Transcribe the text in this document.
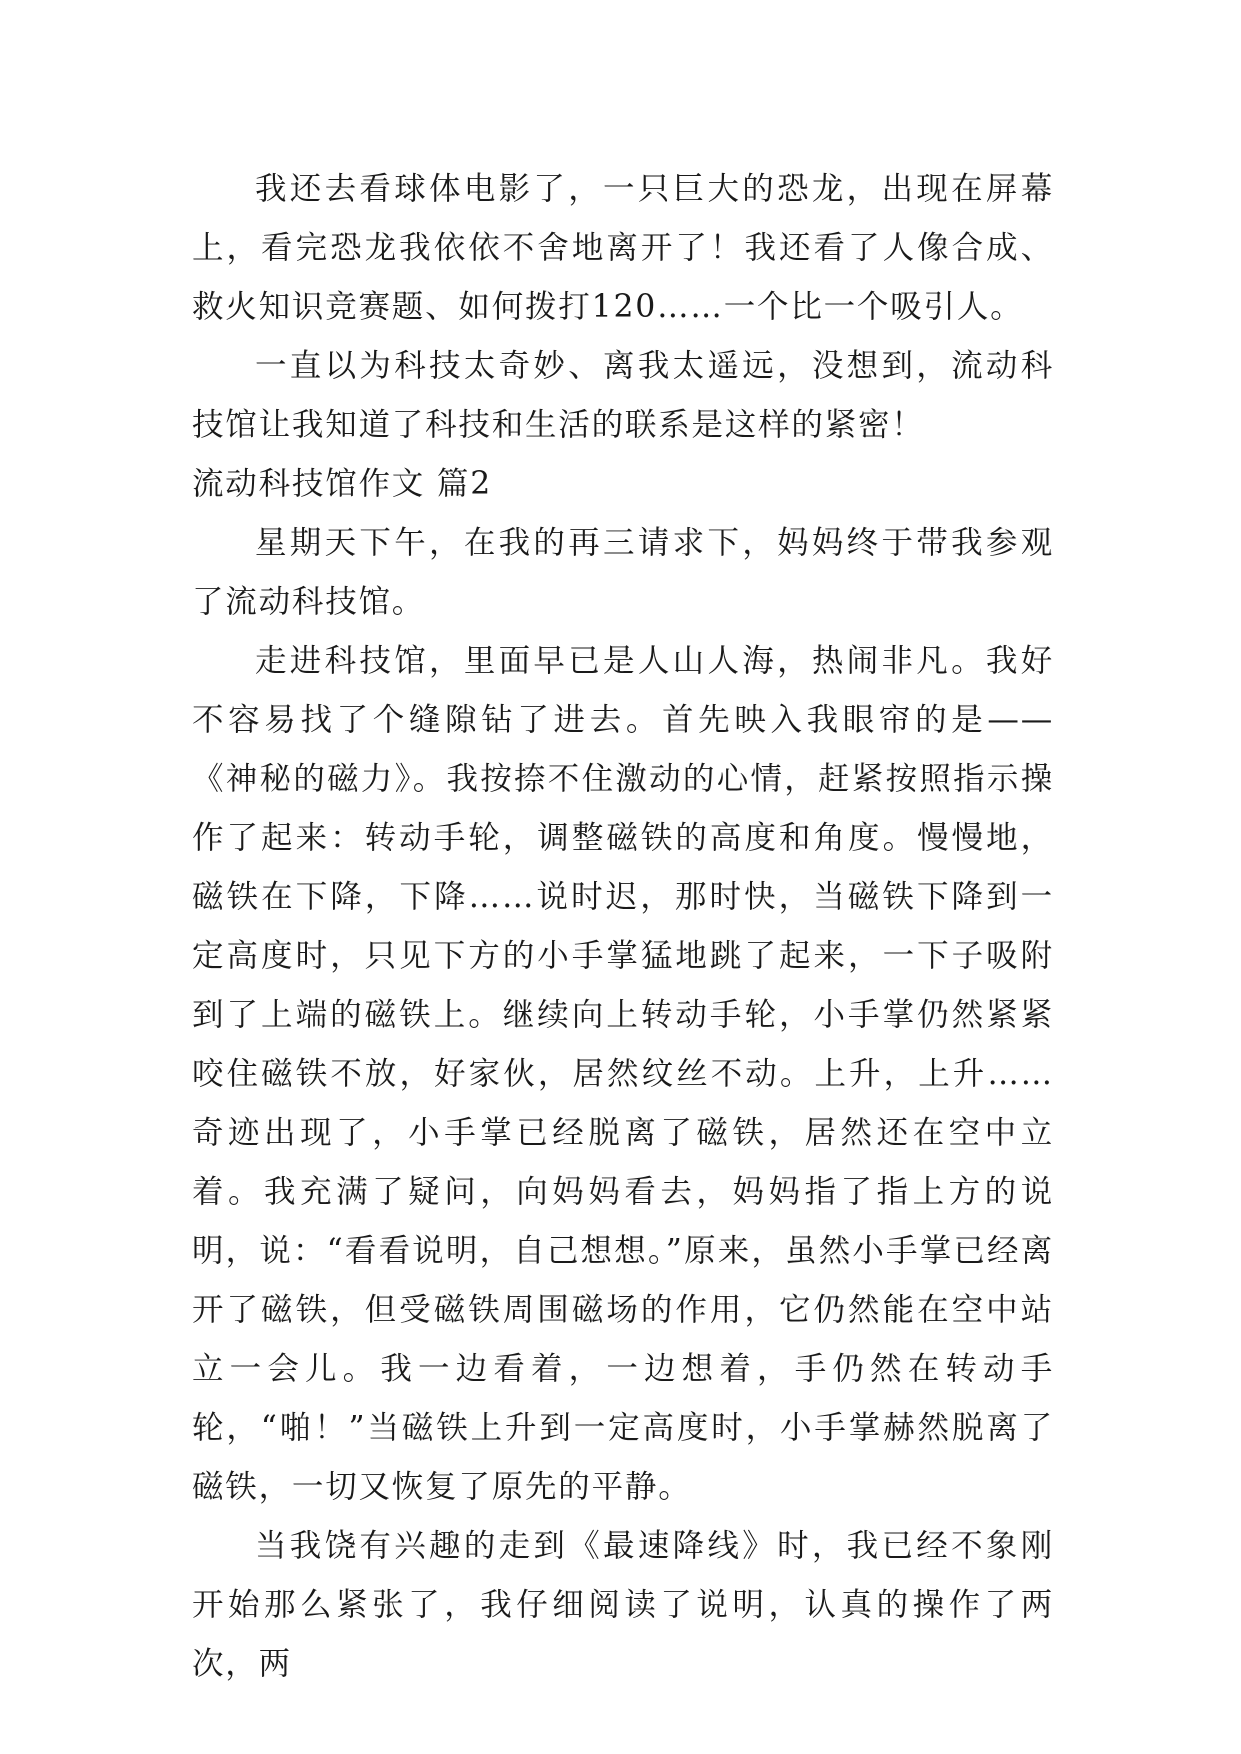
我还去看球体电影了，一只巨大的恐龙，出现在屏幕上，看完恐龙我依依不舍地离开了！我还看了人像合成、救火知识竞赛题、如何拨打120……一个比一个吸引人。

一直以为科技太奇妙、离我太遥远，没想到，流动科技馆让我知道了科技和生活的联系是这样的紧密！

流动科技馆作文 篇2

星期天下午，在我的再三请求下，妈妈终于带我参观了流动科技馆。

走进科技馆，里面早已是人山人海，热闹非凡。我好不容易找了个缝隙钻了进去。首先映入我眼帘的是——《神秘的磁力》。我按捺不住激动的心情，赶紧按照指示操作了起来：转动手轮，调整磁铁的高度和角度。慢慢地，磁铁在下降，下降……说时迟，那时快，当磁铁下降到一定高度时，只见下方的小手掌猛地跳了起来，一下子吸附到了上端的磁铁上。继续向上转动手轮，小手掌仍然紧紧咬住磁铁不放，好家伙，居然纹丝不动。上升，上升……奇迹出现了，小手掌已经脱离了磁铁，居然还在空中立着。我充满了疑问，向妈妈看去，妈妈指了指上方的说明，说：“看看说明，自己想想。”原来，虽然小手掌已经离开了磁铁，但受磁铁周围磁场的作用，它仍然能在空中站立一会儿。我一边看着，一边想着，手仍然在转动手轮，“啪！”当磁铁上升到一定高度时，小手掌赫然脱离了磁铁，一切又恢复了原先的平静。

当我饶有兴趣的走到《最速降线》时，我已经不象刚开始那么紧张了，我仔细阅读了说明，认真的操作了两次，两
